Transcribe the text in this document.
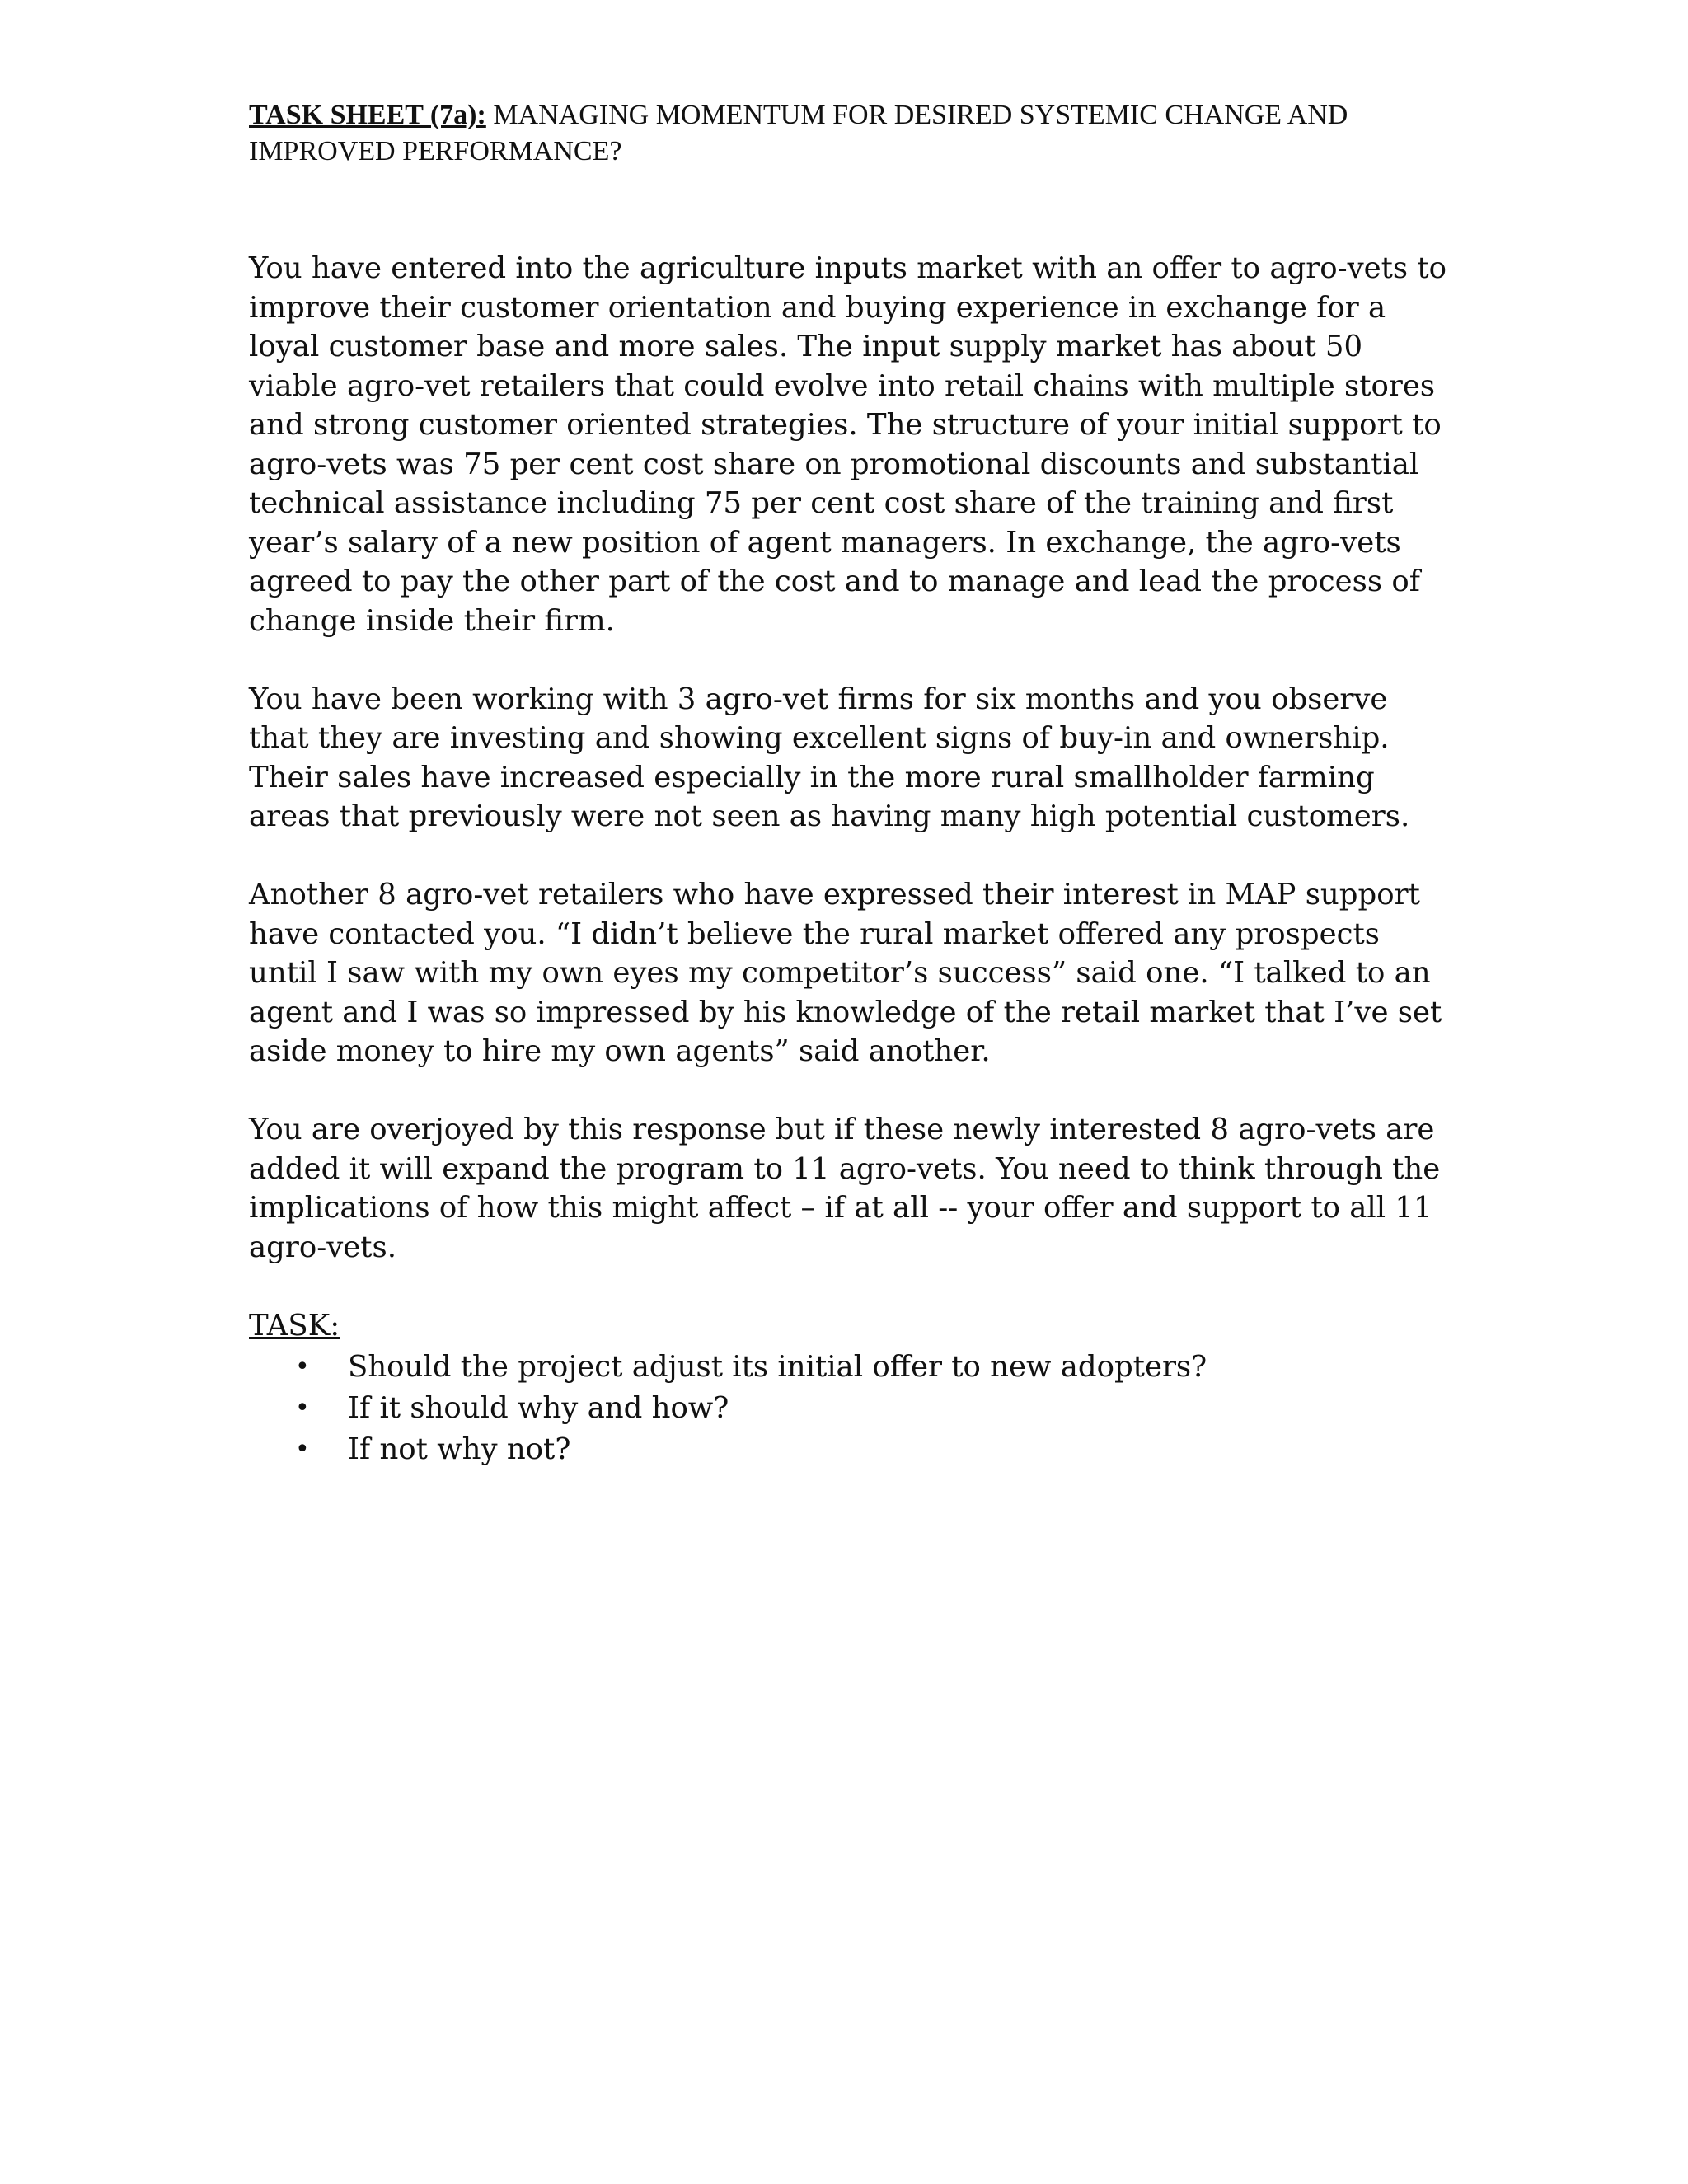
TASK SHEET (7a): MANAGING MOMENTUM FOR DESIRED SYSTEMIC CHANGE AND IMPROVED PERFORMANCE?

You have entered into the agriculture inputs market with an offer to agro-vets to improve their customer orientation and buying experience in exchange for a loyal customer base and more sales. The input supply market has about 50 viable agro-vet retailers that could evolve into retail chains with multiple stores and strong customer oriented strategies. The structure of your initial support to agro-vets was 75 per cent cost share on promotional discounts and substantial technical assistance including 75 per cent cost share of the training and first year’s salary of a new position of agent managers. In exchange, the agro-vets agreed to pay the other part of the cost and to manage and lead the process of change inside their firm.

You have been working with 3 agro-vet firms for six months and you observe that they are investing and showing excellent signs of buy-in and ownership. Their sales have increased especially in the more rural smallholder farming areas that previously were not seen as having many high potential customers.

Another 8 agro-vet retailers who have expressed their interest in MAP support have contacted you. “I didn’t believe the rural market offered any prospects until I saw with my own eyes my competitor’s success” said one. “I talked to an agent and I was so impressed by his knowledge of the retail market that I’ve set aside money to hire my own agents” said another.

You are overjoyed by this response but if these newly interested 8 agro-vets are added it will expand the program to 11 agro-vets. You need to think through the implications of how this might affect – if at all -- your offer and support to all 11 agro-vets.

TASK:

• Should the project adjust its initial offer to new adopters?
• If it should why and how?
• If not why not?
